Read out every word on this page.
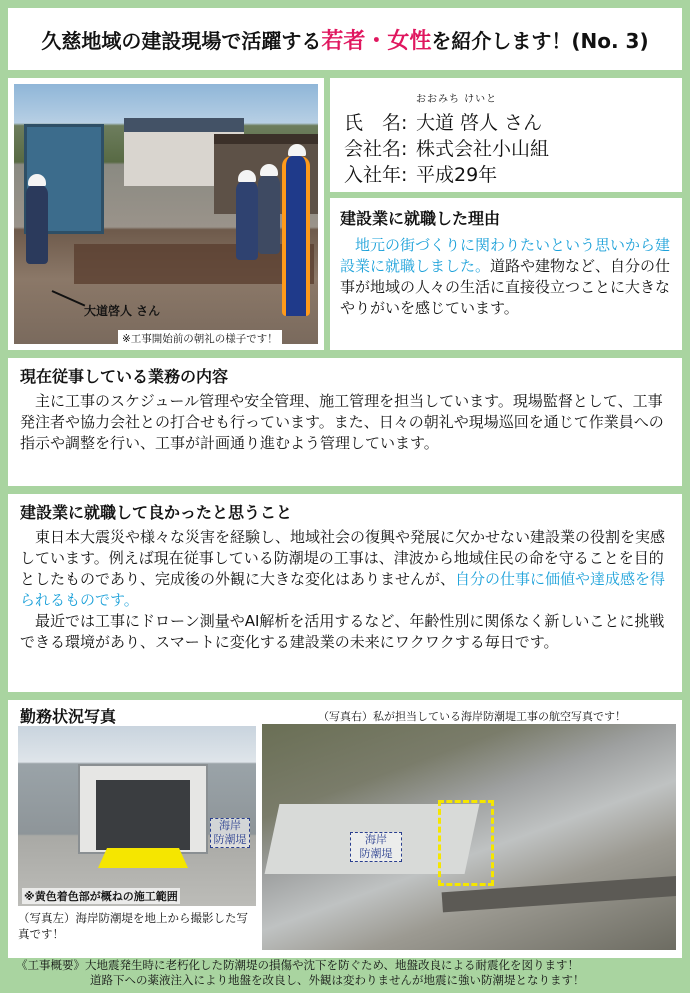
久慈地域の建設現場で活躍する 若者・女性 を紹介します！(No. 3)
大道啓人 さん
※工事開始前の朝礼の様子です！
おおみち けいと
氏　名: 大道 啓人 さん
会社名: 株式会社小山組
入社年: 平成29年
建設業に就職した理由
地元の街づくりに関わりたいという思いから建設業に就職しました。道路や建物など、自分の仕事が地域の人々の生活に直接役立つことに大きなやりがいを感じています。
現在従事している業務の内容
主に工事のスケジュール管理や安全管理、施工管理を担当しています。現場監督として、工事発注者や協力会社との打合せも行っています。また、日々の朝礼や現場巡回を通じて作業員への指示や調整を行い、工事が計画通り進むよう管理しています。
建設業に就職して良かったと思うこと
東日本大震災や様々な災害を経験し、地域社会の復興や発展に欠かせない建設業の役割を実感しています。例えば現在従事している防潮堤の工事は、津波から地域住民の命を守ることを目的としたものであり、完成後の外観に大きな変化はありませんが、自分の仕事に価値や達成感を得られるものです。
最近では工事にドローン測量やAI解析を活用するなど、年齢性別に関係なく新しいことに挑戦できる環境があり、スマートに変化する建設業の未来にワクワクする毎日です。
勤務状況写真	（写真右）私が担当している海岸防潮堤工事の航空写真です！
海岸
防潮堤
※黄色着色部が概ねの施工範囲
（写真左）海岸防潮堤を地上から撮影した写真です！
海岸
防潮堤
《工事概要》大地震発生時に老朽化した防潮堤の損傷や沈下を防ぐため、地盤改良による耐震化を図ります！
道路下への薬液注入により地盤を改良し、外観は変わりませんが地震に強い防潮堤となります！
